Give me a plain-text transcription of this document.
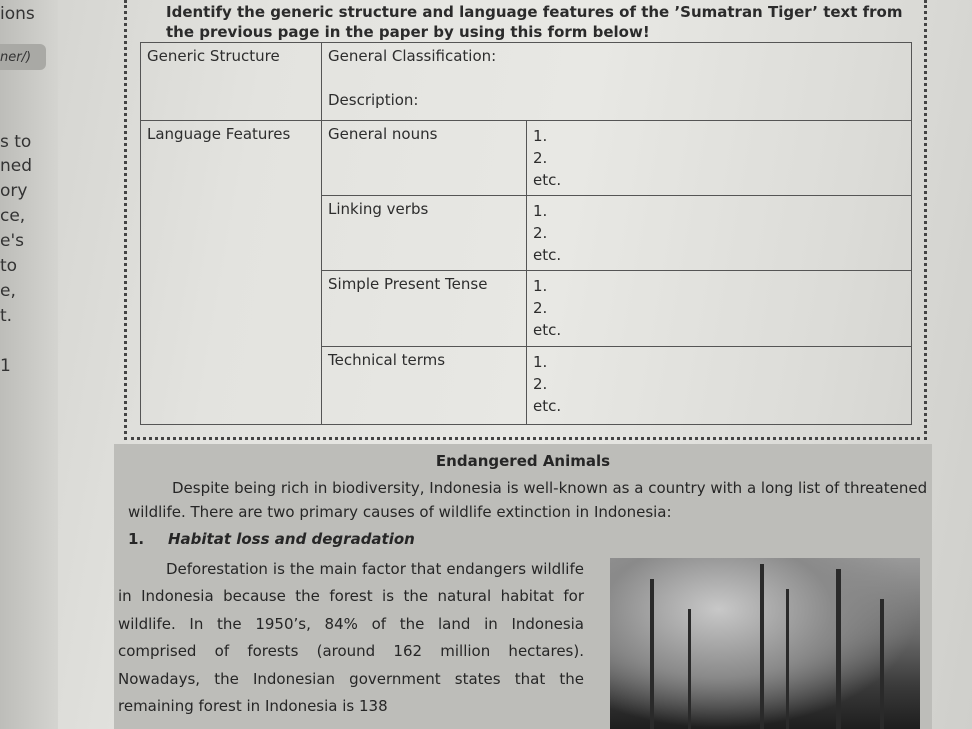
ions
ner/)
s to
ned
ory
ce,
e's
to
e,
t.
1
Identify the generic structure and language features of the ’Sumatran Tiger’ text from the previous page in the paper by using this form below!
Generic Structure	General Classification:
Description:	

Language Features	General nouns	1.
2.
etc.

	Linking verbs	1.
2.
etc.

	Simple Present Tense	1.
2.
etc.

	Technical terms	1.
2.
etc.
Endangered Animals
Despite being rich in biodiversity, Indonesia is well-known as a country with a long list of threatened wildlife. There are two primary causes of wildlife extinction in Indonesia:
1. Habitat loss and degradation
Deforestation is the main factor that endangers wildlife in Indonesia because the forest is the natural habitat for wildlife. In the 1950’s, 84% of the land in Indonesia comprised of forests (around 162 million hectares). Nowadays, the Indonesian government states that the remaining forest in Indonesia is 138
